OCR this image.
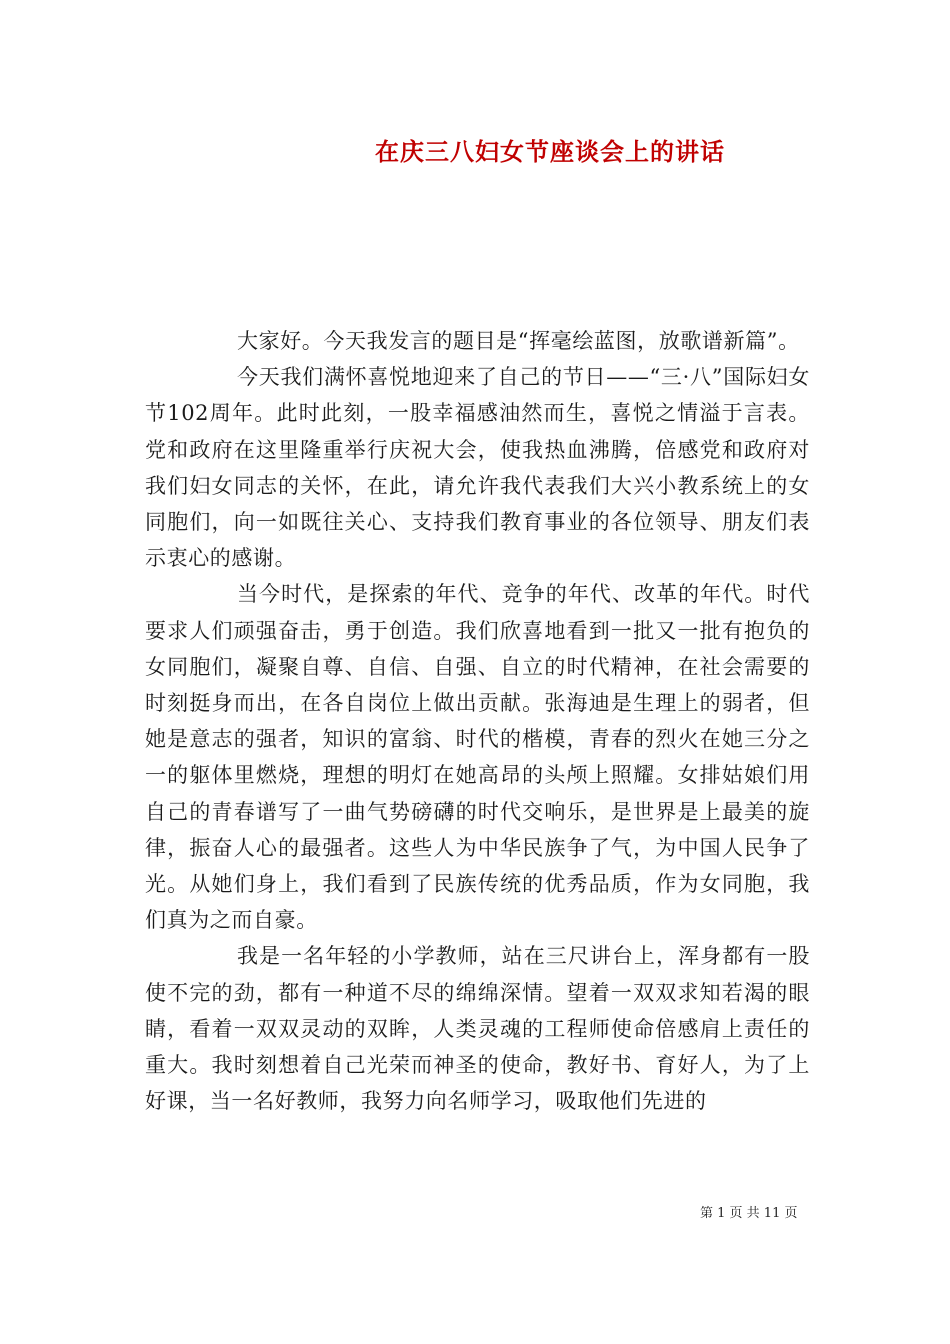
在庆三八妇女节座谈会上的讲话

大家好。今天我发言的题目是“挥毫绘蓝图，放歌谱新篇”。

今天我们满怀喜悦地迎来了自己的节日——“三·八”国际妇女节102周年。此时此刻，一股幸福感油然而生，喜悦之情溢于言表。党和政府在这里隆重举行庆祝大会，使我热血沸腾，倍感党和政府对我们妇女同志的关怀，在此，请允许我代表我们大兴小教系统上的女同胞们，向一如既往关心、支持我们教育事业的各位领导、朋友们表示衷心的感谢。

当今时代，是探索的年代、竞争的年代、改革的年代。时代要求人们顽强奋击，勇于创造。我们欣喜地看到一批又一批有抱负的女同胞们，凝聚自尊、自信、自强、自立的时代精神，在社会需要的时刻挺身而出，在各自岗位上做出贡献。张海迪是生理上的弱者，但她是意志的强者，知识的富翁、时代的楷模，青春的烈火在她三分之一的躯体里燃烧，理想的明灯在她高昂的头颅上照耀。女排姑娘们用自己的青春谱写了一曲气势磅礴的时代交响乐，是世界是上最美的旋律，振奋人心的最强者。这些人为中华民族争了气，为中国人民争了光。从她们身上，我们看到了民族传统的优秀品质，作为女同胞，我们真为之而自豪。

我是一名年轻的小学教师，站在三尺讲台上，浑身都有一股使不完的劲，都有一种道不尽的绵绵深情。望着一双双求知若渴的眼睛，看着一双双灵动的双眸，人类灵魂的工程师使命倍感肩上责任的重大。我时刻想着自己光荣而神圣的使命，教好书、育好人，为了上好课，当一名好教师，我努力向名师学习，吸取他们先进的

第 1 页 共 11 页
